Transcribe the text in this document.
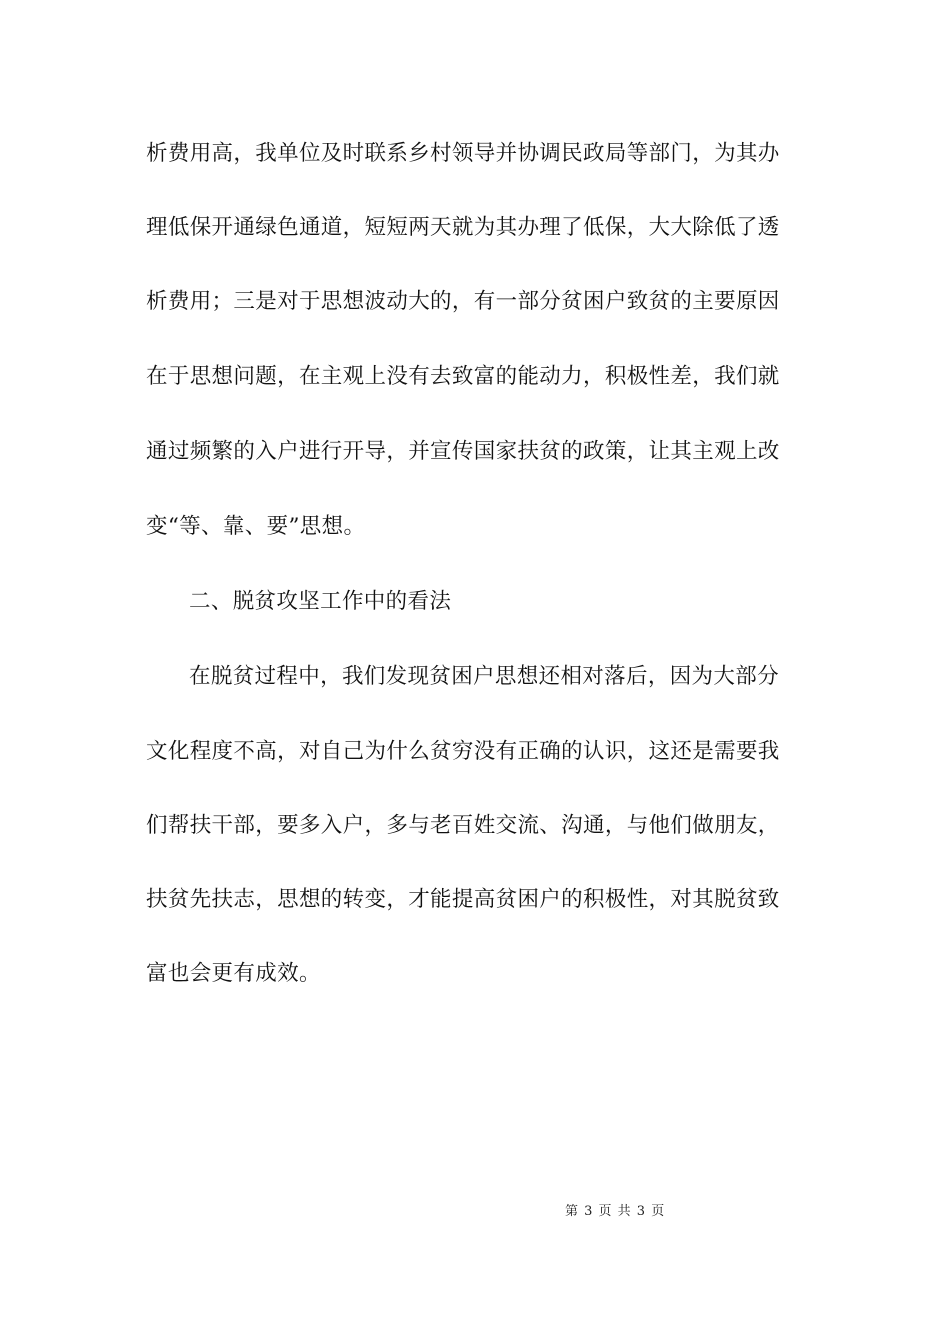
析费用高，我单位及时联系乡村领导并协调民政局等部门，为其办
理低保开通绿色通道，短短两天就为其办理了低保，大大除低了透
析费用；三是对于思想波动大的，有一部分贫困户致贫的主要原因
在于思想问题，在主观上没有去致富的能动力，积极性差，我们就
通过频繁的入户进行开导，并宣传国家扶贫的政策，让其主观上改
变“等、靠、要”思想。
二、脱贫攻坚工作中的看法
在脱贫过程中，我们发现贫困户思想还相对落后，因为大部分
文化程度不高，对自己为什么贫穷没有正确的认识，这还是需要我
们帮扶干部，要多入户，多与老百姓交流、沟通，与他们做朋友，
扶贫先扶志，思想的转变，才能提高贫困户的积极性，对其脱贫致
富也会更有成效。
第 3 页 共 3 页
